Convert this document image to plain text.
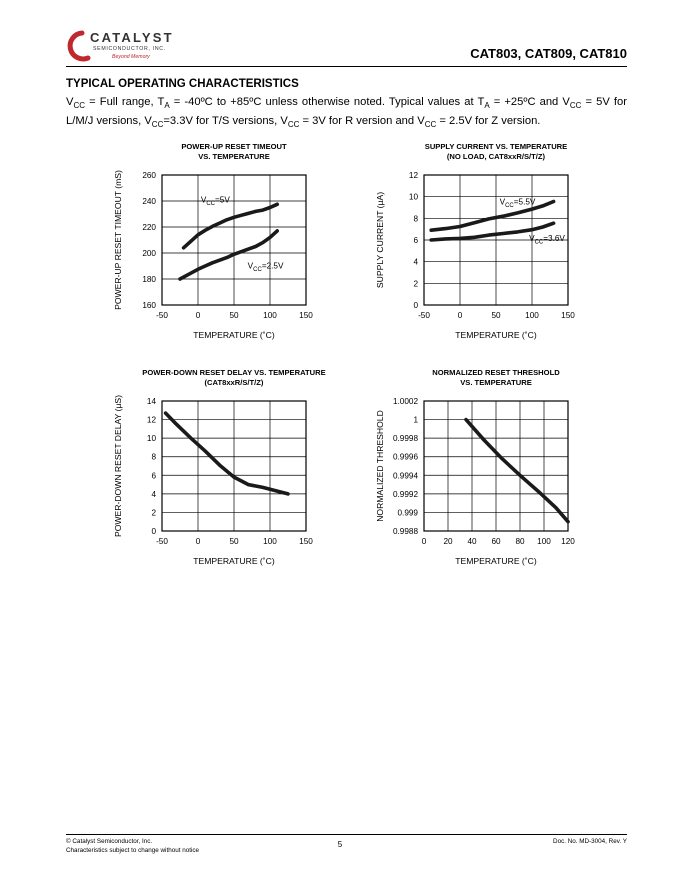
CATALYST
SEMICONDUCTOR, INC.
Beyond Memory	CAT803, CAT809, CAT810
TYPICAL OPERATING CHARACTERISTICS
$V_{CC}$ = Full range, $T_A$ = -40ºC to +85ºC unless otherwise noted. Typical values at $T_A$ = +25ºC and $V_{CC} = 5V$ for L/M/J versions, $V_{CC}=3.3V$ for T/S versions, $V_{CC} = 3V$ for R version and $V_{CC} = 2.5V$ for Z version.
POWER-UP RESET TIMEOUT
VS. TEMPERATURE
-50	0	50	100	150
160
180
200
220
240
260
TEMPERATURE (˚C)
POWER-UP RESET TIMEOUT (mS)	$V_{CC}=5V$
$V_{CC}=2.5V$
SUPPLY CURRENT VS. TEMPERATURE
(NO LOAD, CAT8xxR/S/T/Z)
-50	0	50	100	150
0
2
4
6
8
10
12
TEMPERATURE (˚C)
SUPPLY CURRENT (µA)	$V_{CC}=5.5V$
$V_{CC}=3.6V$
POWER-DOWN RESET DELAY VS. TEMPERATURE
(CAT8xxR/S/T/Z)
-50	0	50	100	150
0
2
4
6
8
10
12
14
TEMPERATURE (˚C)
POWER-DOWN RESET DELAY (µS)
NORMALIZED RESET THRESHOLD
VS. TEMPERATURE
0 20 40 60 80 100 120
0.9988
0.999
0.9992
0.9994
0.9996
0.9998
1
1.0002
TEMPERATURE (˚C)
NORMALIZED THRESHOLD
© Catalyst Semiconductor, Inc.
Characteristics subject to change without notice
5	Doc. No. MD-3004, Rev. Y
